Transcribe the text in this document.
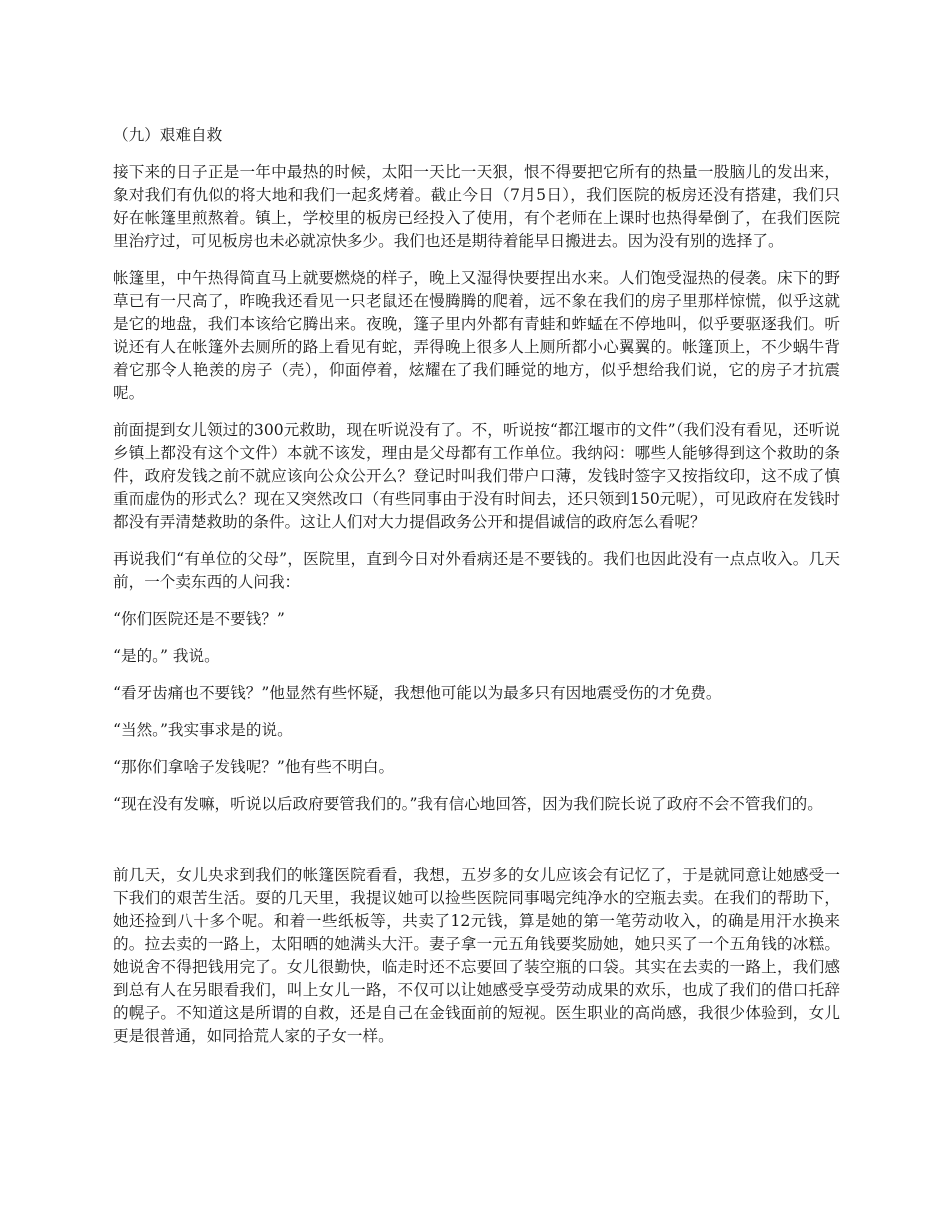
（九）艰难自救

接下来的日子正是一年中最热的时候，太阳一天比一天狠，恨不得要把它所有的热量一股脑儿的发出来，象对我们有仇似的将大地和我们一起炙烤着。截止今日（7月5日），我们医院的板房还没有搭建，我们只好在帐篷里煎熬着。镇上，学校里的板房已经投入了使用，有个老师在上课时也热得晕倒了，在我们医院里治疗过，可见板房也未必就凉快多少。我们也还是期待着能早日搬进去。因为没有别的选择了。

帐篷里，中午热得简直马上就要燃烧的样子，晚上又湿得快要捏出水来。人们饱受湿热的侵袭。床下的野草已有一尺高了，昨晚我还看见一只老鼠还在慢腾腾的爬着，远不象在我们的房子里那样惊慌，似乎这就是它的地盘，我们本该给它腾出来。夜晚，篷子里内外都有青蛙和蚱蜢在不停地叫，似乎要驱逐我们。听说还有人在帐篷外去厕所的路上看见有蛇，弄得晚上很多人上厕所都小心翼翼的。帐篷顶上，不少蜗牛背着它那令人艳羡的房子（壳），仰面停着，炫耀在了我们睡觉的地方，似乎想给我们说，它的房子才抗震呢。

前面提到女儿领过的300元救助，现在听说没有了。不，听说按“都江堰市的文件”（我们没有看见，还听说乡镇上都没有这个文件）本就不该发，理由是父母都有工作单位。我纳闷：哪些人能够得到这个救助的条件，政府发钱之前不就应该向公众公开么？登记时叫我们带户口薄，发钱时签字又按指纹印，这不成了慎重而虚伪的形式么？现在又突然改口（有些同事由于没有时间去，还只领到150元呢），可见政府在发钱时都没有弄清楚救助的条件。这让人们对大力提倡政务公开和提倡诚信的政府怎么看呢？

再说我们“有单位的父母”，医院里，直到今日对外看病还是不要钱的。我们也因此没有一点点收入。几天前，一个卖东西的人问我：

“你们医院还是不要钱？”

“是的。” 我说。

“看牙齿痛也不要钱？”他显然有些怀疑，我想他可能以为最多只有因地震受伤的才免费。

“当然。”我实事求是的说。

“那你们拿啥子发钱呢？”他有些不明白。

“现在没有发嘛，听说以后政府要管我们的。”我有信心地回答，因为我们院长说了政府不会不管我们的。

前几天，女儿央求到我们的帐篷医院看看，我想，五岁多的女儿应该会有记忆了，于是就同意让她感受一下我们的艰苦生活。耍的几天里，我提议她可以捡些医院同事喝完纯净水的空瓶去卖。在我们的帮助下，她还捡到八十多个呢。和着一些纸板等，共卖了12元钱，算是她的第一笔劳动收入，的确是用汗水换来的。拉去卖的一路上，太阳晒的她满头大汗。妻子拿一元五角钱要奖励她，她只买了一个五角钱的冰糕。她说舍不得把钱用完了。女儿很勤快，临走时还不忘要回了装空瓶的口袋。其实在去卖的一路上，我们感到总有人在另眼看我们，叫上女儿一路，不仅可以让她感受享受劳动成果的欢乐，也成了我们的借口托辞的幌子。不知道这是所谓的自救，还是自己在金钱面前的短视。医生职业的高尚感，我很少体验到，女儿更是很普通，如同拾荒人家的子女一样。
